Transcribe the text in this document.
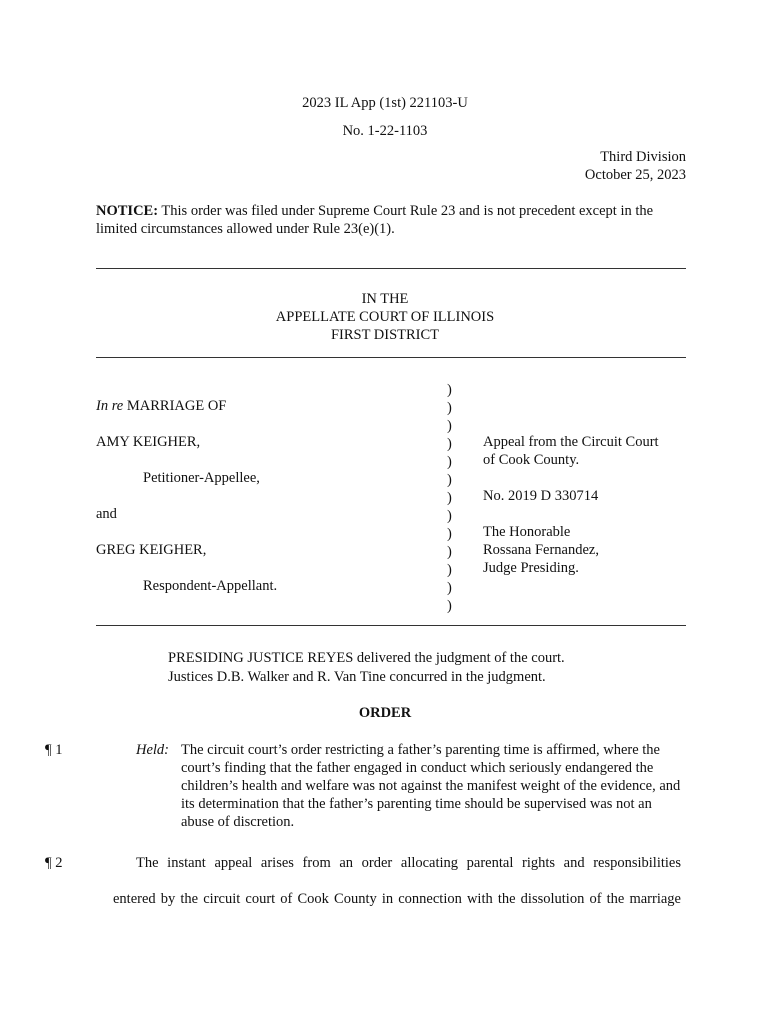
2023 IL App (1st) 221103-U
No. 1-22-1103
Third Division
October 25, 2023
NOTICE: This order was filed under Supreme Court Rule 23 and is not precedent except in the
limited circumstances allowed under Rule 23(e)(1).
IN THE
APPELLATE COURT OF ILLINOIS
FIRST DISTRICT
In re MARRIAGE OF
AMY KEIGHER,
Petitioner-Appellee,
and
GREG KEIGHER,
Respondent-Appellant.
)
)
)
)
)
)
)
)
)
)
)
)
)
Appeal from the Circuit Court
of Cook County.
No. 2019 D 330714
The Honorable
Rossana Fernandez,
Judge Presiding.
PRESIDING JUSTICE REYES delivered the judgment of the court.
Justices D.B. Walker and R. Van Tine concurred in the judgment.
ORDER
¶ 1	Held: The circuit court’s order restricting a father’s parenting time is affirmed, where the court’s finding that the father engaged in conduct which seriously endangered the children’s health and welfare was not against the manifest weight of the evidence, and its determination that the father’s parenting time should be supervised was not an abuse of discretion.
¶ 2	The instant appeal arises from an order allocating parental rights and responsibilities
entered by the circuit court of Cook County in connection with the dissolution of the marriage
